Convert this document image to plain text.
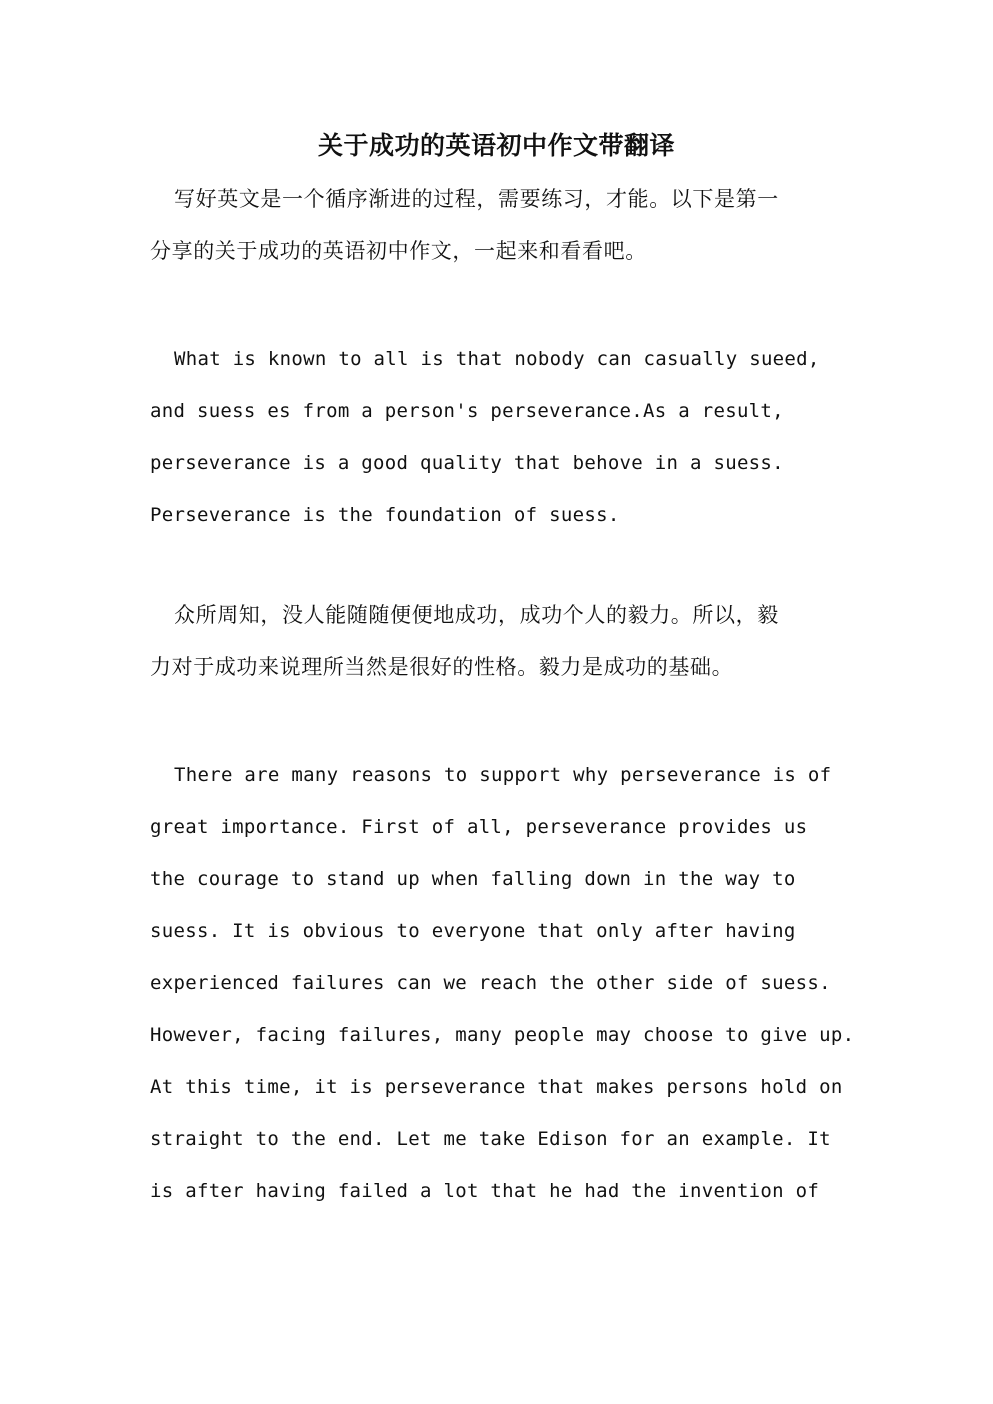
关于成功的英语初中作文带翻译
写好英文是一个循序渐进的过程，需要练习，才能。以下是第一
分享的关于成功的英语初中作文，一起来和看看吧。
What is known to all is that nobody can casually sueed,
and suess es from a person's perseverance.As a result,
perseverance is a good quality that behove in a suess.
Perseverance is the foundation of suess.
众所周知，没人能随随便便地成功，成功个人的毅力。所以，毅
力对于成功来说理所当然是很好的性格。毅力是成功的基础。
There are many reasons to support why perseverance is of
great importance. First of all, perseverance provides us
the courage to stand up when falling down in the way to
suess. It is obvious to everyone that only after having
experienced failures can we reach the other side of suess.
However, facing failures, many people may choose to give up.
At this time, it is perseverance that makes persons hold on
straight to the end. Let me take Edison for an example. It
is after having failed a lot that he had the invention of
